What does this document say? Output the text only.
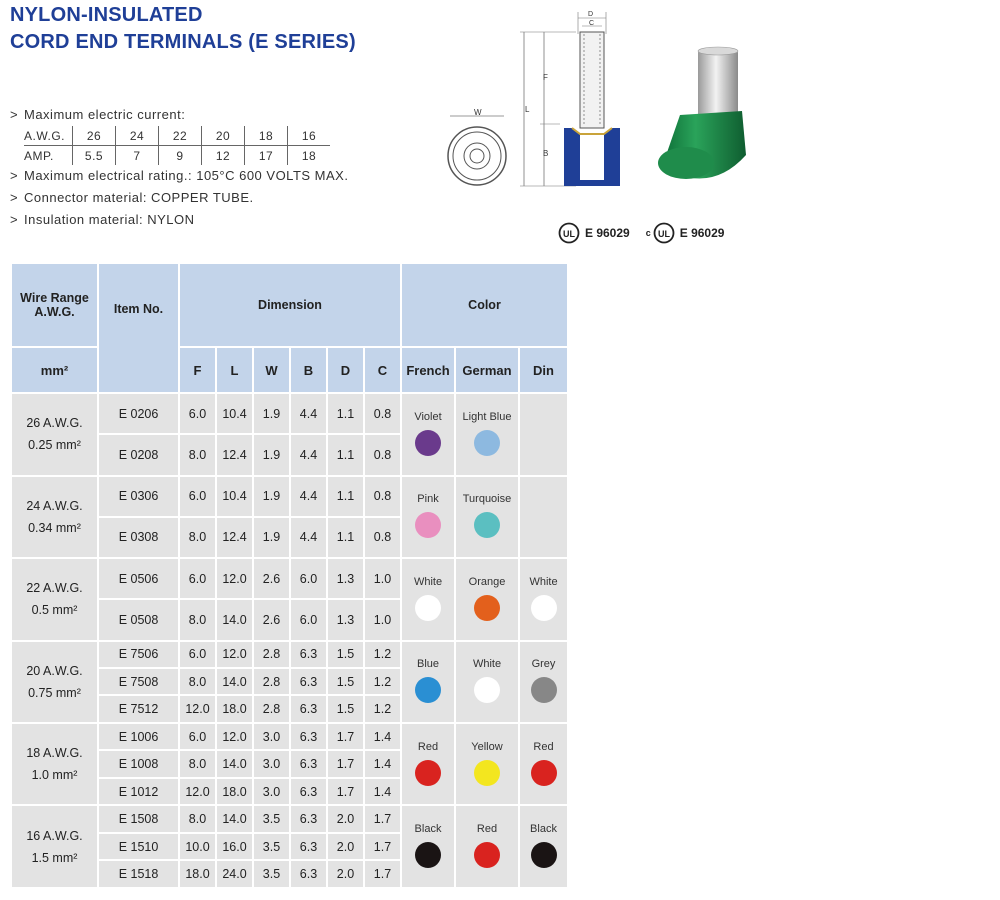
NYLON-INSULATED
CORD END TERMINALS (E SERIES)
> Maximum electric current:
A.W.G.	26	24	22	20	18	16
AMP.	5.5	7	9	12	17	18
> Maximum electrical rating.: 105°C 600 VOLTS MAX.
> Connector material: COPPER TUBE.
> Insulation material: NYLON
W	L
F
B
D
C
UL E 96029 c UL E 96029
Wire Range A.W.G.	Item No.	Dimension						Color		
mm²		F	L	W	B	D	C	French	German	Din

26 A.W.G.
0.25 mm²	E 0206	6.0	10.4	1.9	4.4	1.1	0.8	Violet	Light Blue	

	E 0208	8.0	12.4	1.9	4.4	1.1	0.8			

24 A.W.G.
0.34 mm²	E 0306	6.0	10.4	1.9	4.4	1.1	0.8	Pink	Turquoise	

	E 0308	8.0	12.4	1.9	4.4	1.1	0.8			

22 A.W.G.
0.5 mm²	E 0506	6.0	12.0	2.6	6.0	1.3	1.0	White	Orange	White

	E 0508	8.0	14.0	2.6	6.0	1.3	1.0			

20 A.W.G.
0.75 mm²	E 7506	6.0	12.0	2.8	6.3	1.5	1.2	Blue	White	Grey

	E 7508	8.0	14.0	2.8	6.3	1.5	1.2			
	E 7512	12.0	18.0	2.8	6.3	1.5	1.2			

18 A.W.G.
1.0 mm²	E 1006	6.0	12.0	3.0	6.3	1.7	1.4	Red	Yellow	Red

	E 1008	8.0	14.0	3.0	6.3	1.7	1.4			
	E 1012	12.0	18.0	3.0	6.3	1.7	1.4			

16 A.W.G.
1.5 mm²	E 1508	8.0	14.0	3.5	6.3	2.0	1.7	Black	Red	Black

	E 1510	10.0	16.0	3.5	6.3	2.0	1.7			
	E 1518	18.0	24.0	3.5	6.3	2.0	1.7			
